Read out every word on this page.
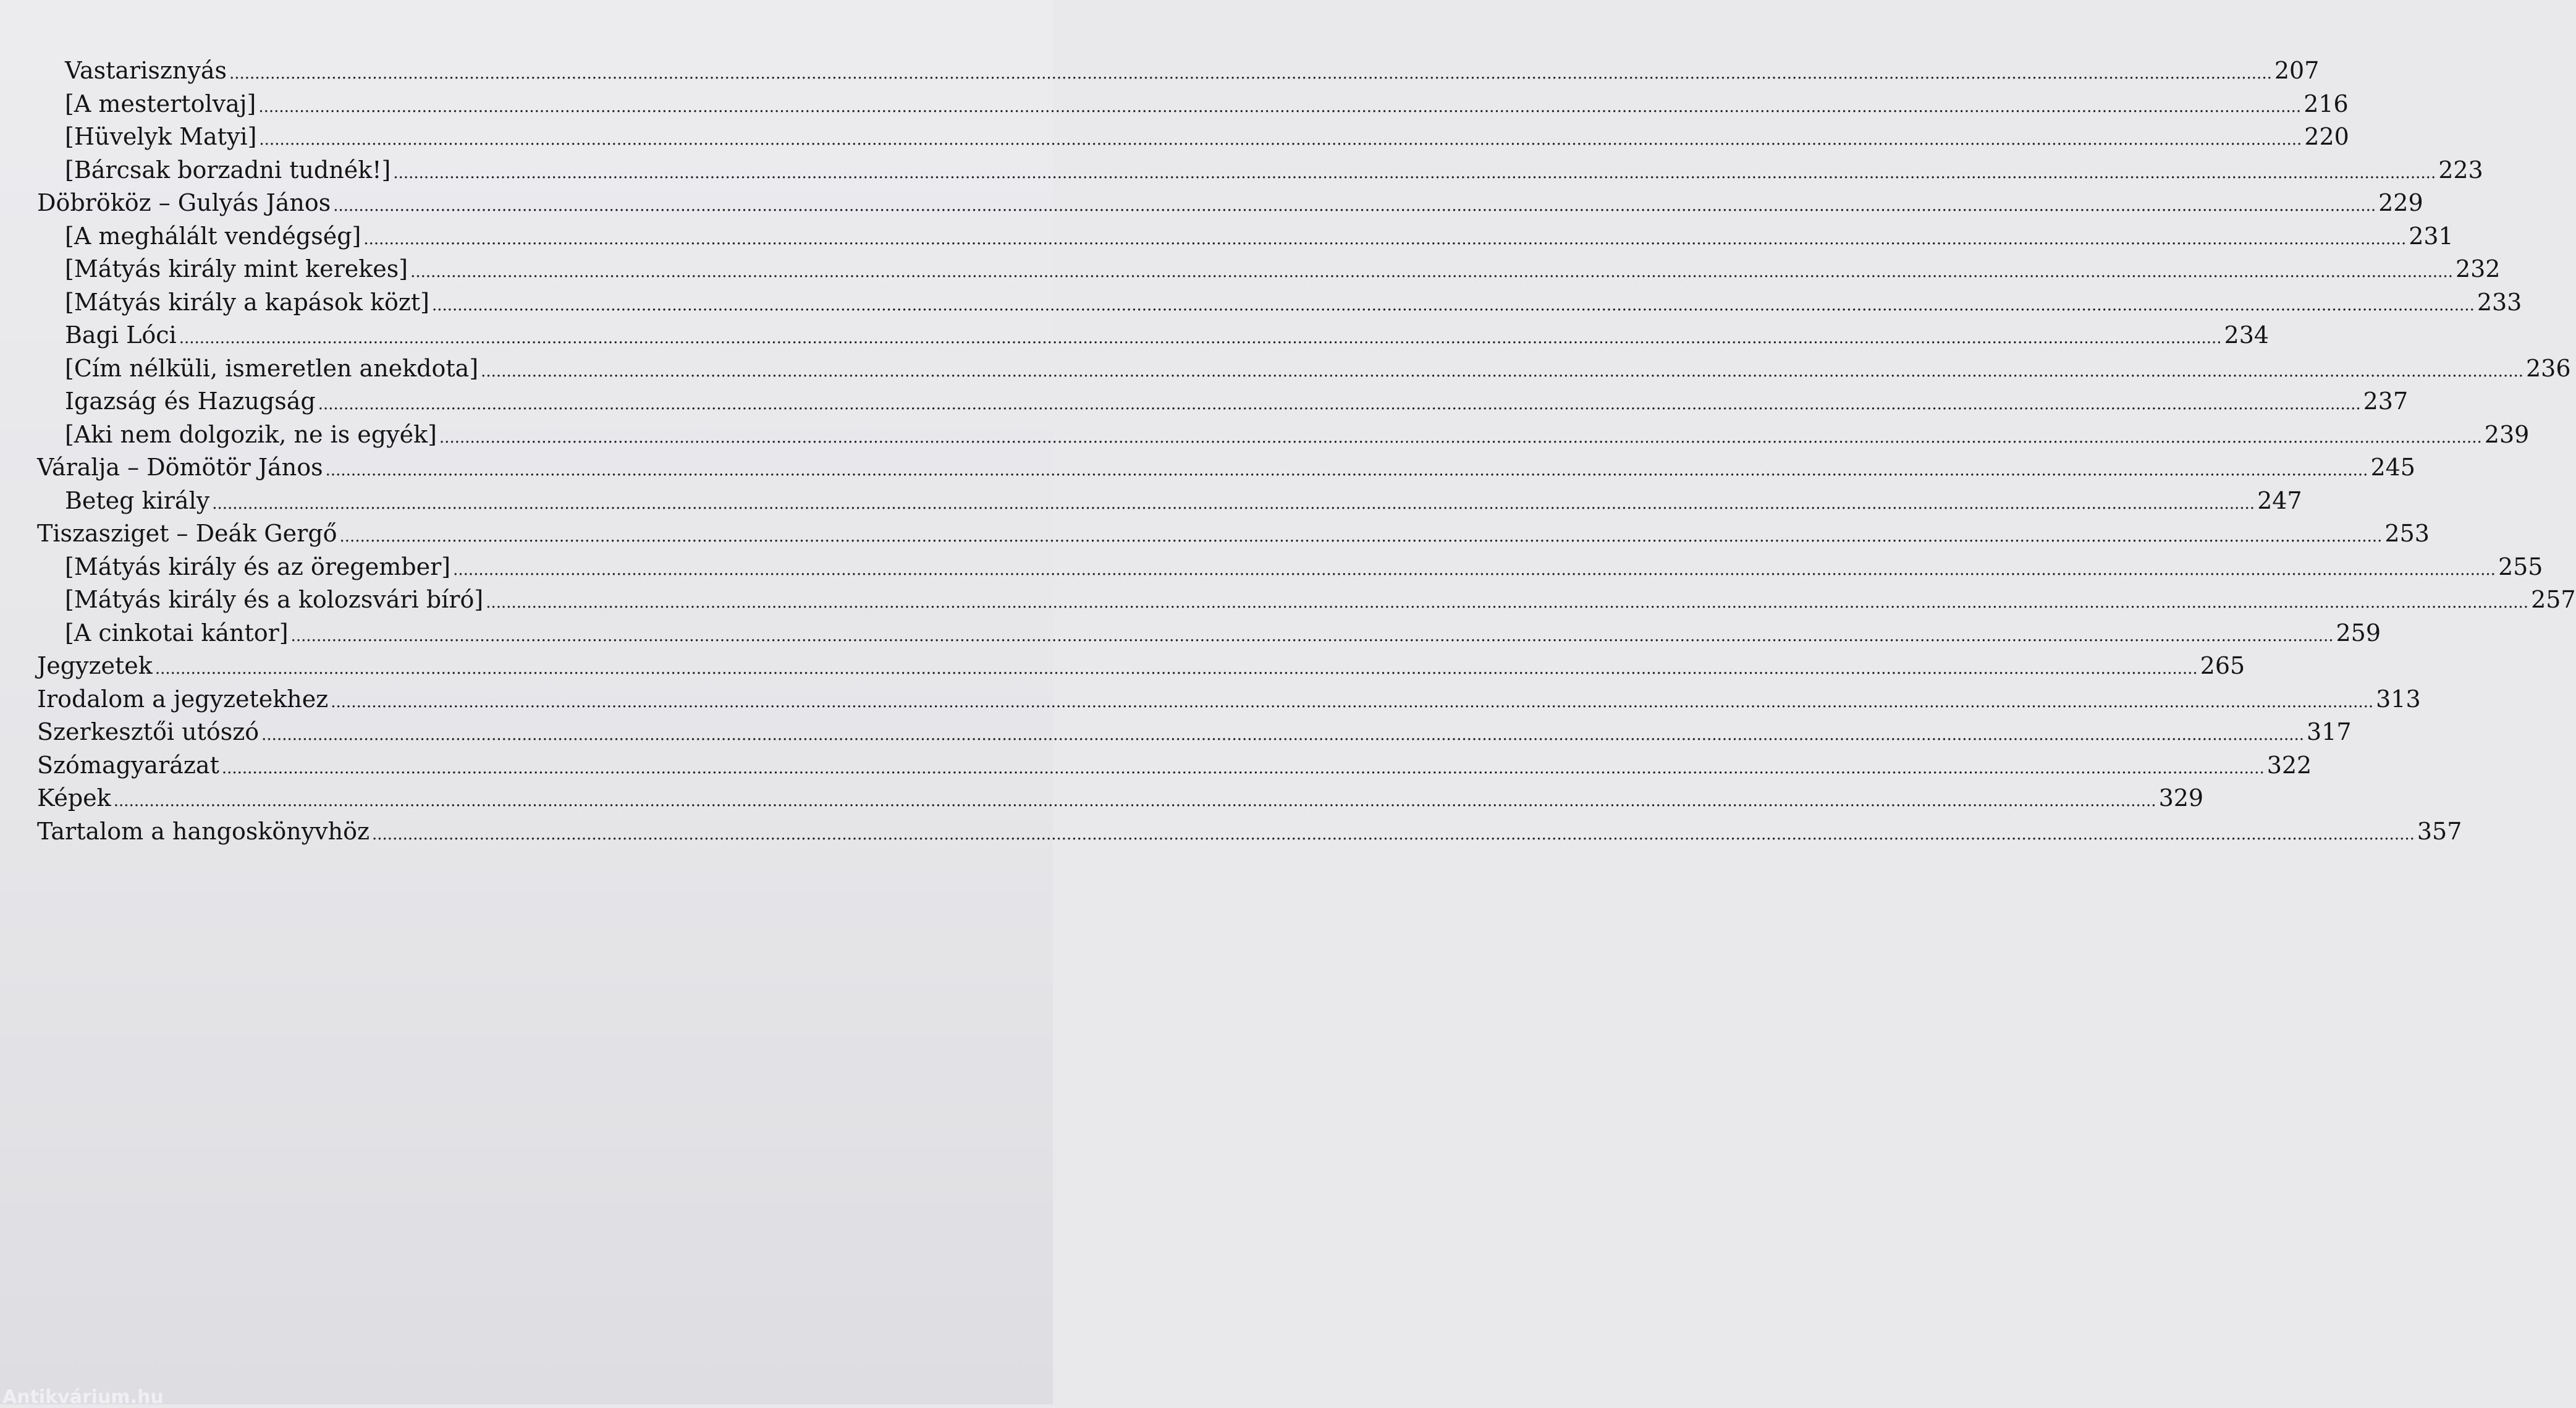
Vastarisznyás ................................................................................................................................................................................................................................................................................................................................................................................................................ 207
[A mestertolvaj] ................................................................................................................................................................................................................................................................................................................................................................................................................ 216
[Hüvelyk Matyi] ................................................................................................................................................................................................................................................................................................................................................................................................................ 220
[Bárcsak borzadni tudnék!] ................................................................................................................................................................................................................................................................................................................................................................................................................ 223
Döbrököz – Gulyás János ................................................................................................................................................................................................................................................................................................................................................................................................................ 229
[A meghálált vendégség] ................................................................................................................................................................................................................................................................................................................................................................................................................ 231
[Mátyás király mint kerekes] ................................................................................................................................................................................................................................................................................................................................................................................................................ 232
[Mátyás király a kapások közt] ................................................................................................................................................................................................................................................................................................................................................................................................................ 233
Bagi Lóci ................................................................................................................................................................................................................................................................................................................................................................................................................ 234
[Cím nélküli, ismeretlen anekdota] ................................................................................................................................................................................................................................................................................................................................................................................................................ 236
Igazság és Hazugság ................................................................................................................................................................................................................................................................................................................................................................................................................ 237
[Aki nem dolgozik, ne is egyék] ................................................................................................................................................................................................................................................................................................................................................................................................................ 239
Váralja – Dömötör János ................................................................................................................................................................................................................................................................................................................................................................................................................ 245
Beteg király ................................................................................................................................................................................................................................................................................................................................................................................................................ 247
Tiszasziget – Deák Gergő ................................................................................................................................................................................................................................................................................................................................................................................................................ 253
[Mátyás király és az öregember] ................................................................................................................................................................................................................................................................................................................................................................................................................ 255
[Mátyás király és a kolozsvári bíró] ................................................................................................................................................................................................................................................................................................................................................................................................................ 257
[A cinkotai kántor] ................................................................................................................................................................................................................................................................................................................................................................................................................ 259
Jegyzetek ................................................................................................................................................................................................................................................................................................................................................................................................................ 265
Irodalom a jegyzetekhez ................................................................................................................................................................................................................................................................................................................................................................................................................ 313
Szerkesztői utószó ................................................................................................................................................................................................................................................................................................................................................................................................................ 317
Szómagyarázat ................................................................................................................................................................................................................................................................................................................................................................................................................ 322
Képek ................................................................................................................................................................................................................................................................................................................................................................................................................ 329
Tartalom a hangoskönyvhöz ................................................................................................................................................................................................................................................................................................................................................................................................................ 357
Antikvárium.hu
